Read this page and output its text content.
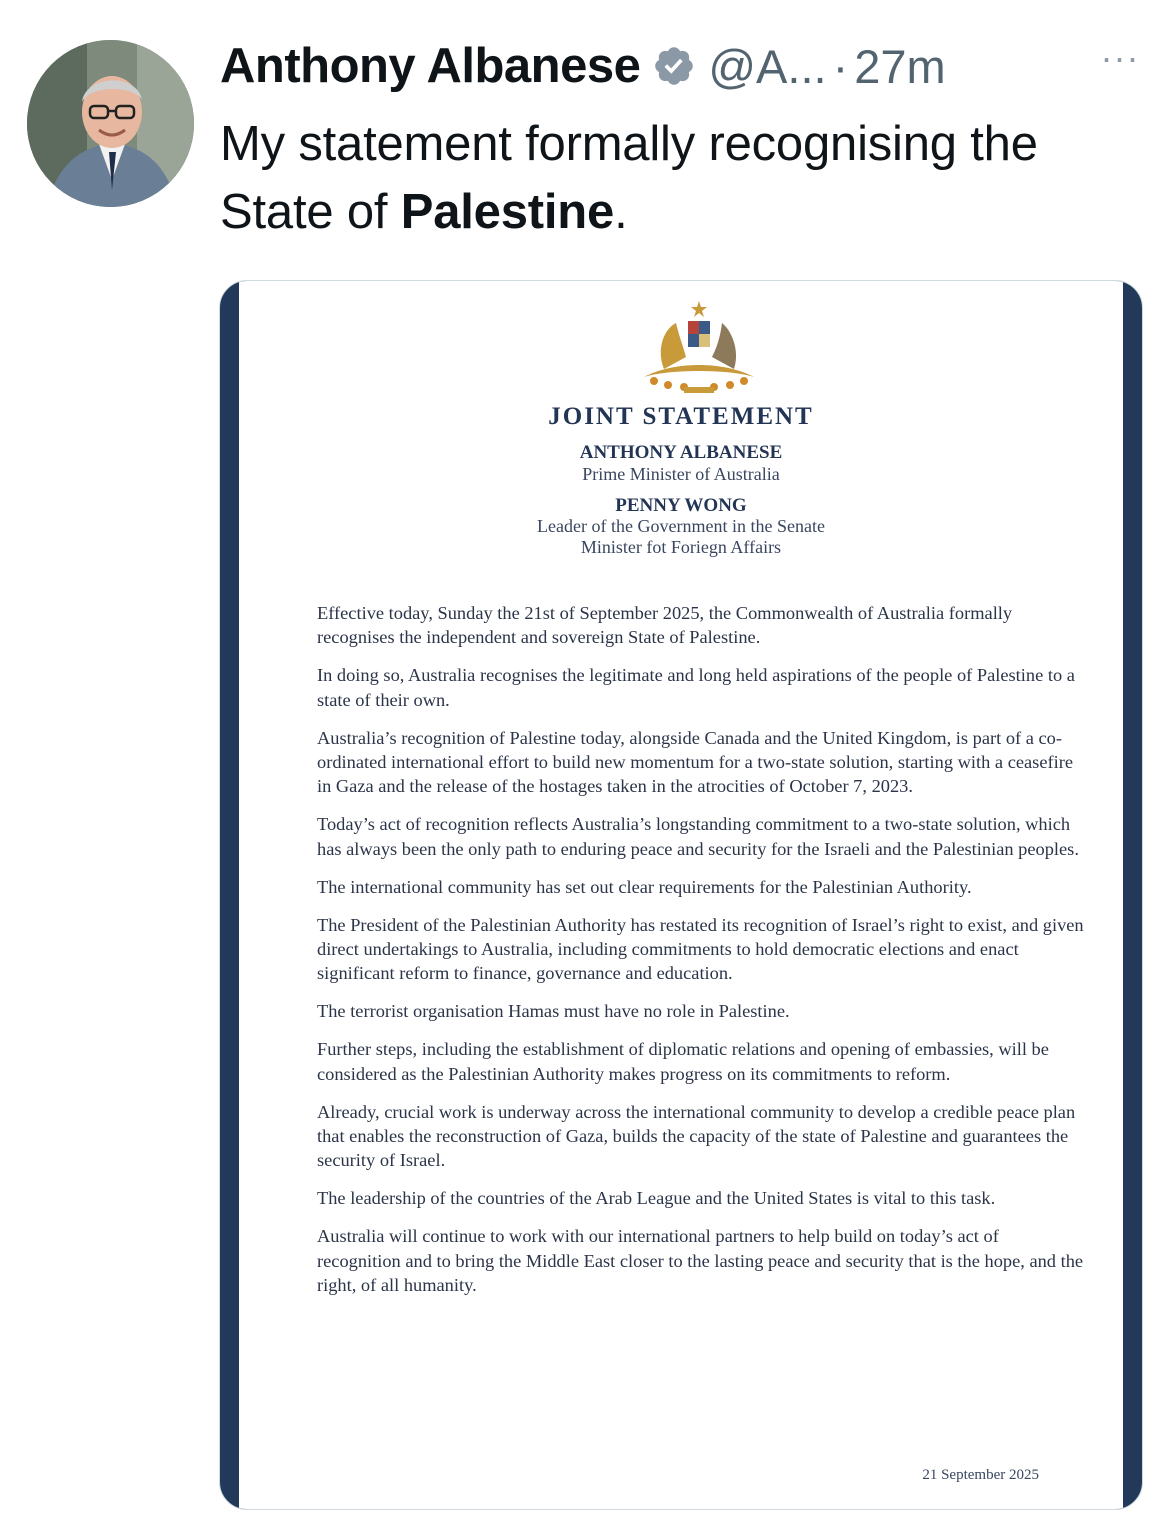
Anthony Albanese @A... · 27m	···
My statement formally recognising the State of Palestine.
JOINT STATEMENT
ANTHONY ALBANESE
Prime Minister of Australia
PENNY WONG
Leader of the Government in the Senate
Minister fot Foriegn Affairs

Effective today, Sunday the 21st of September 2025, the Commonwealth of Australia formally recognises the independent and sovereign State of Palestine.

In doing so, Australia recognises the legitimate and long held aspirations of the people of Palestine to a state of their own.

Australia’s recognition of Palestine today, alongside Canada and the United Kingdom, is part of a co-ordinated international effort to build new momentum for a two-state solution, starting with a ceasefire in Gaza and the release of the hostages taken in the atrocities of October 7, 2023.

Today’s act of recognition reflects Australia’s longstanding commitment to a two-state solution, which has always been the only path to enduring peace and security for the Israeli and the Palestinian peoples.

The international community has set out clear requirements for the Palestinian Authority.

The President of the Palestinian Authority has restated its recognition of Israel’s right to exist, and given direct undertakings to Australia, including commitments to hold democratic elections and enact significant reform to finance, governance and education.

The terrorist organisation Hamas must have no role in Palestine.

Further steps, including the establishment of diplomatic relations and opening of embassies, will be considered as the Palestinian Authority makes progress on its commitments to reform.

Already, crucial work is underway across the international community to develop a credible peace plan that enables the reconstruction of Gaza, builds the capacity of the state of Palestine and guarantees the security of Israel.

The leadership of the countries of the Arab League and the United States is vital to this task.

Australia will continue to work with our international partners to help build on today’s act of recognition and to bring the Middle East closer to the lasting peace and security that is the hope, and the right, of all humanity.

21 September 2025
